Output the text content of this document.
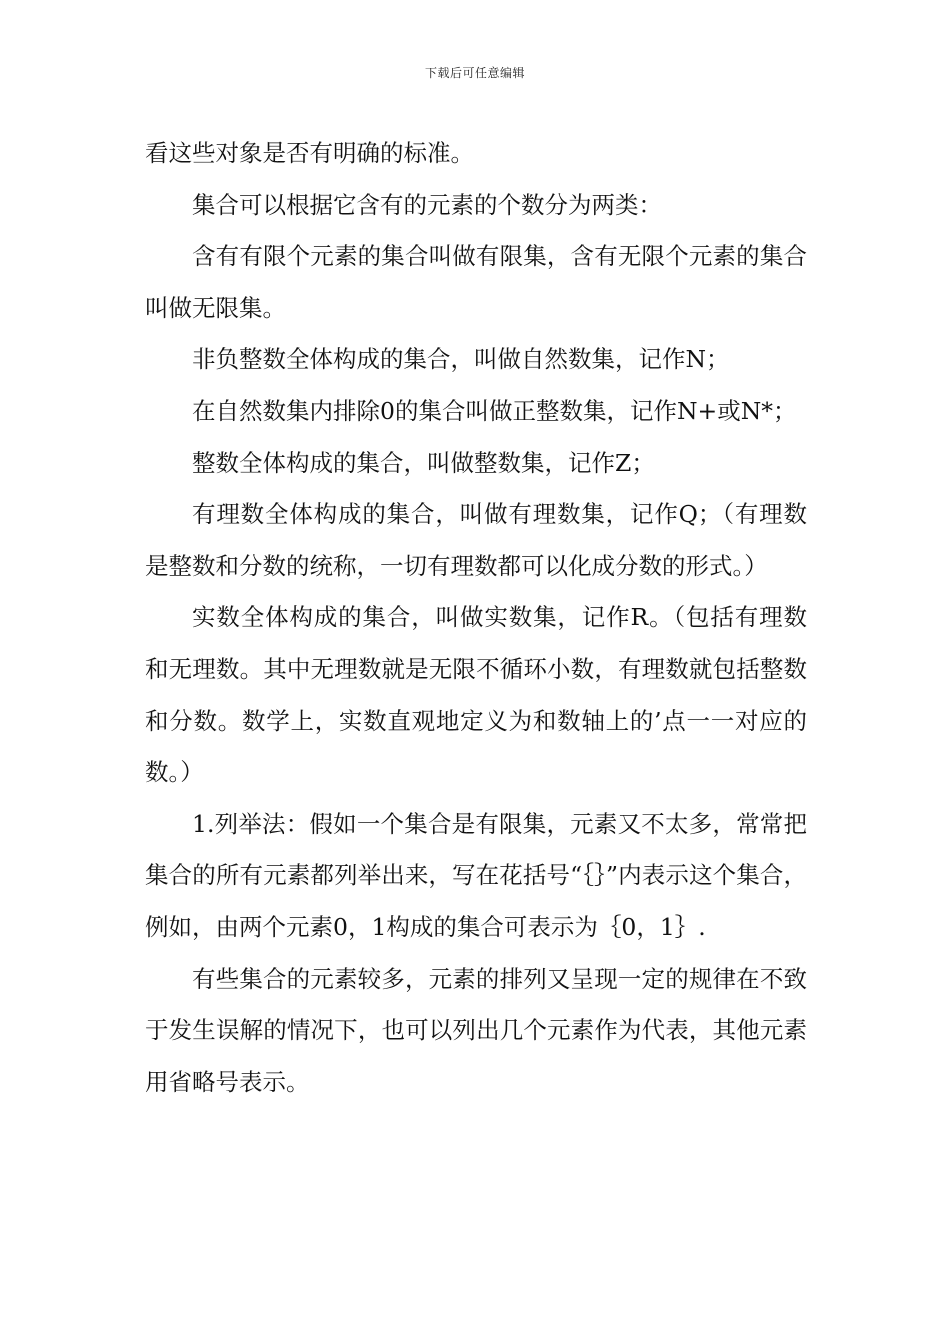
下载后可任意编辑

看这些对象是否有明确的标准。

集合可以根据它含有的元素的个数分为两类：

含有有限个元素的集合叫做有限集，含有无限个元素的集合叫做无限集。

非负整数全体构成的集合，叫做自然数集，记作N；

在自然数集内排除0的集合叫做正整数集，记作N+或N*；

整数全体构成的集合，叫做整数集，记作Z；

有理数全体构成的集合，叫做有理数集，记作Q；（有理数是整数和分数的统称，一切有理数都可以化成分数的形式。）

实数全体构成的集合，叫做实数集，记作R。（包括有理数和无理数。其中无理数就是无限不循环小数，有理数就包括整数和分数。数学上，实数直观地定义为和数轴上的’点一一对应的数。）

1.列举法：假如一个集合是有限集，元素又不太多，常常把集合的所有元素都列举出来，写在花括号“｛｝”内表示这个集合，例如，由两个元素0，1构成的集合可表示为｛0，1｝.

有些集合的元素较多，元素的排列又呈现一定的规律在不致于发生误解的情况下，也可以列出几个元素作为代表，其他元素用省略号表示。
